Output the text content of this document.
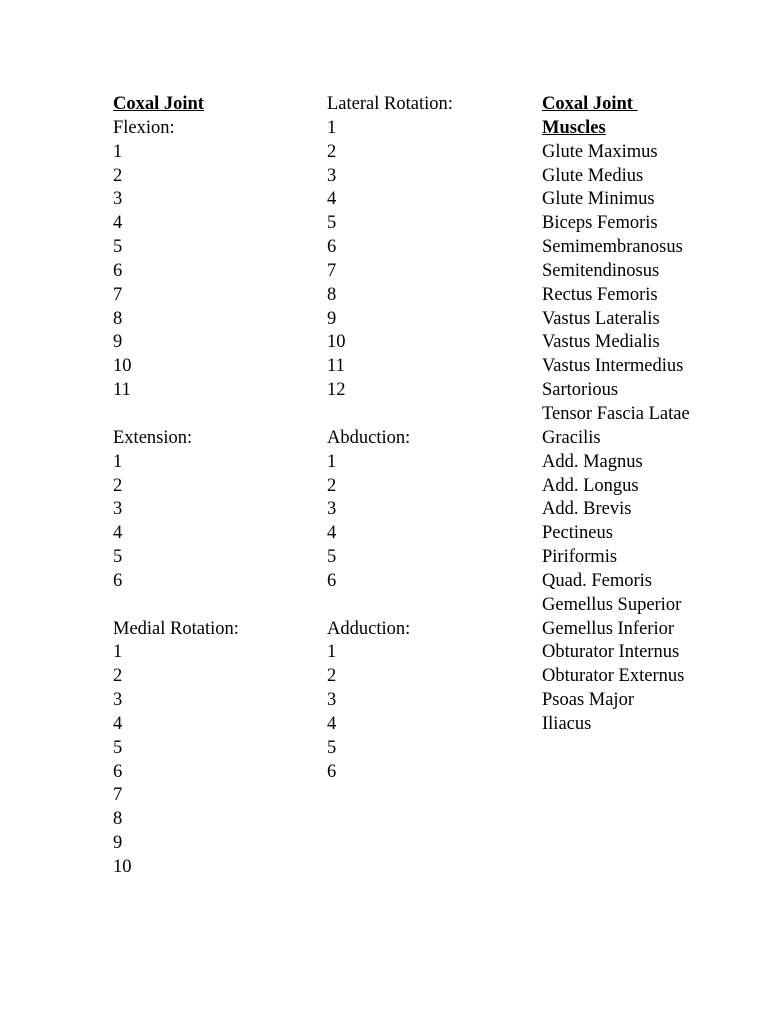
Coxal Joint
Flexion:
1
2
3
4
5
6
7
8
9
10
11
Extension:
1
2
3
4
5
6
Medial Rotation:
1
2
3
4
5
6
7
8
9
10
Lateral Rotation:
1
2
3
4
5
6
7
8
9
10
11
12
Abduction:
1
2
3
4
5
6
Adduction:
1
2
3
4
5
6
Coxal Joint
Muscles
Glute Maximus
Glute Medius
Glute Minimus
Biceps Femoris
Semimembranosus
Semitendinosus
Rectus Femoris
Vastus Lateralis
Vastus Medialis
Vastus Intermedius
Sartorious
Tensor Fascia Latae
Gracilis
Add. Magnus
Add. Longus
Add. Brevis
Pectineus
Piriformis
Quad. Femoris
Gemellus Superior
Gemellus Inferior
Obturator Internus
Obturator Externus
Psoas Major
Iliacus
